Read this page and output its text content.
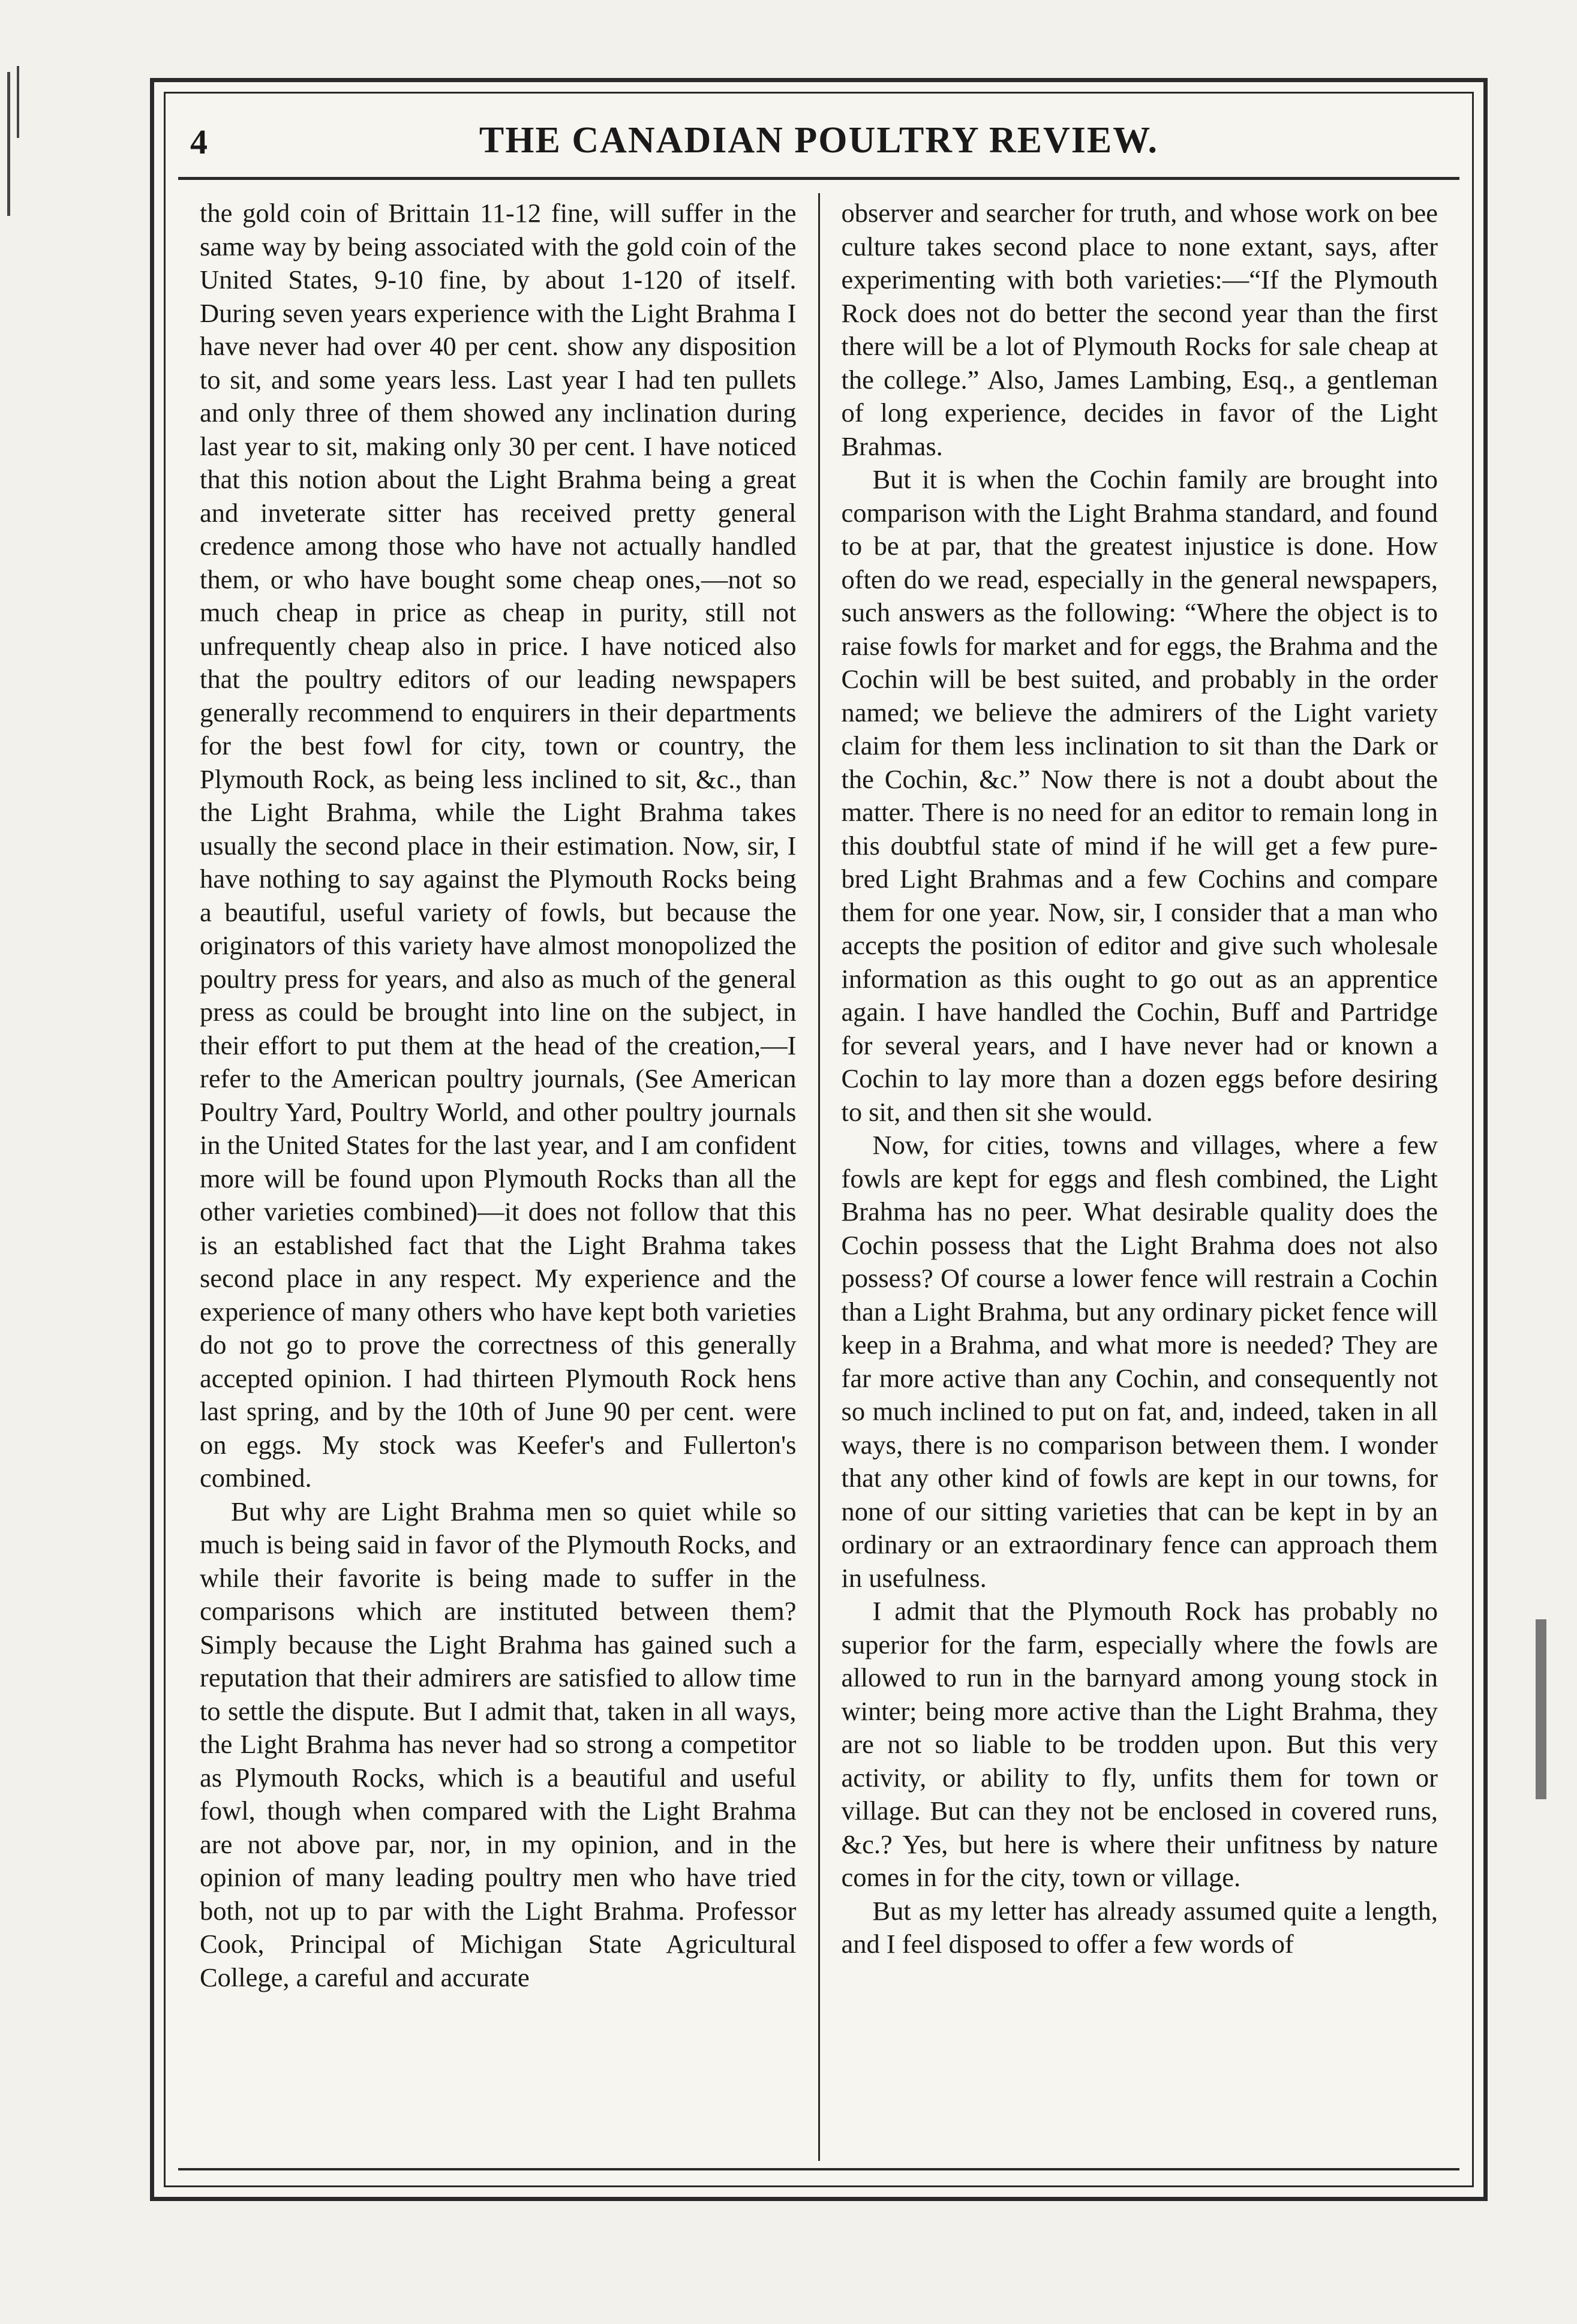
4	THE CANADIAN POULTRY REVIEW.

the gold coin of Brittain 11-12 fine, will suffer in the same way by being associated with the gold coin of the United States, 9-10 fine, by about 1-120 of itself. During seven years experience with the Light Brahma I have never had over 40 per cent. show any disposition to sit, and some years less. Last year I had ten pullets and only three of them showed any inclination during last year to sit, making only 30 per cent. I have noticed that this notion about the Light Brahma being a great and inveterate sitter has received pretty general credence among those who have not actually handled them, or who have bought some cheap ones,—not so much cheap in price as cheap in purity, still not unfrequently cheap also in price. I have noticed also that the poultry editors of our leading newspapers generally recommend to enquirers in their departments for the best fowl for city, town or country, the Plymouth Rock, as being less inclined to sit, &c., than the Light Brahma, while the Light Brahma takes usually the second place in their estimation. Now, sir, I have nothing to say against the Plymouth Rocks being a beautiful, useful variety of fowls, but because the originators of this variety have almost monopolized the poultry press for years, and also as much of the general press as could be brought into line on the subject, in their effort to put them at the head of the creation,—I refer to the American poultry journals, (See American Poultry Yard, Poultry World, and other poultry journals in the United States for the last year, and I am confident more will be found upon Plymouth Rocks than all the other varieties combined)—it does not follow that this is an established fact that the Light Brahma takes second place in any respect. My experience and the experience of many others who have kept both varieties do not go to prove the correctness of this generally accepted opinion. I had thirteen Plymouth Rock hens last spring, and by the 10th of June 90 per cent. were on eggs. My stock was Keefer's and Fullerton's combined.

But why are Light Brahma men so quiet while so much is being said in favor of the Plymouth Rocks, and while their favorite is being made to suffer in the comparisons which are instituted between them? Simply because the Light Brahma has gained such a reputation that their admirers are satisfied to allow time to settle the dispute. But I admit that, taken in all ways, the Light Brahma has never had so strong a competitor as Plymouth Rocks, which is a beautiful and useful fowl, though when compared with the Light Brahma are not above par, nor, in my opinion, and in the opinion of many leading poultry men who have tried both, not up to par with the Light Brahma. Professor Cook, Principal of Michigan State Agricultural College, a careful and accurate

observer and searcher for truth, and whose work on bee culture takes second place to none extant, says, after experimenting with both varieties:—“If the Plymouth Rock does not do better the second year than the first there will be a lot of Plymouth Rocks for sale cheap at the college.” Also, James Lambing, Esq., a gentleman of long experience, decides in favor of the Light Brahmas.

But it is when the Cochin family are brought into comparison with the Light Brahma standard, and found to be at par, that the greatest injustice is done. How often do we read, especially in the general newspapers, such answers as the following: “Where the object is to raise fowls for market and for eggs, the Brahma and the Cochin will be best suited, and probably in the order named; we believe the admirers of the Light variety claim for them less inclination to sit than the Dark or the Cochin, &c.” Now there is not a doubt about the matter. There is no need for an editor to remain long in this doubtful state of mind if he will get a few pure-bred Light Brahmas and a few Cochins and compare them for one year. Now, sir, I consider that a man who accepts the position of editor and give such wholesale information as this ought to go out as an apprentice again. I have handled the Cochin, Buff and Partridge for several years, and I have never had or known a Cochin to lay more than a dozen eggs before desiring to sit, and then sit she would.

Now, for cities, towns and villages, where a few fowls are kept for eggs and flesh combined, the Light Brahma has no peer. What desirable quality does the Cochin possess that the Light Brahma does not also possess? Of course a lower fence will restrain a Cochin than a Light Brahma, but any ordinary picket fence will keep in a Brahma, and what more is needed? They are far more active than any Cochin, and consequently not so much inclined to put on fat, and, indeed, taken in all ways, there is no comparison between them. I wonder that any other kind of fowls are kept in our towns, for none of our sitting varieties that can be kept in by an ordinary or an extraordinary fence can approach them in usefulness.

I admit that the Plymouth Rock has probably no superior for the farm, especially where the fowls are allowed to run in the barnyard among young stock in winter; being more active than the Light Brahma, they are not so liable to be trodden upon. But this very activity, or ability to fly, unfits them for town or village. But can they not be enclosed in covered runs, &c.? Yes, but here is where their unfitness by nature comes in for the city, town or village.

But as my letter has already assumed quite a length, and I feel disposed to offer a few words of
